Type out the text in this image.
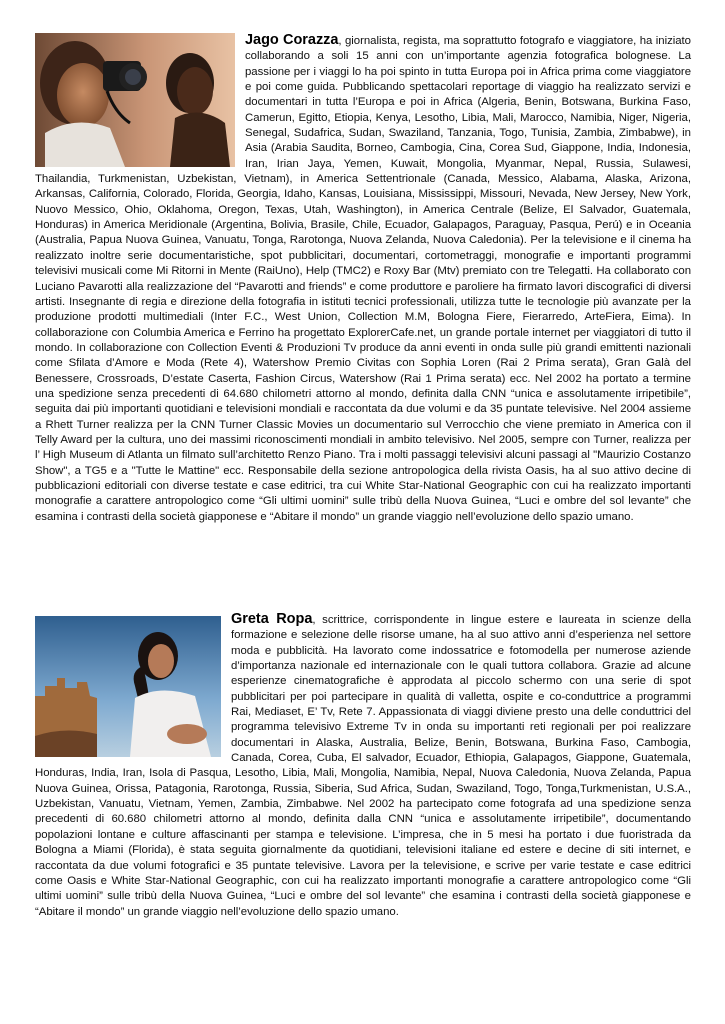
Jago Corazza, giornalista, regista, ma soprattutto fotografo e viaggiatore, ha iniziato collaborando a soli 15 anni con un’importante agenzia fotografica bolognese. La passione per i viaggi lo ha poi spinto in tutta Europa poi in Africa prima come viaggiatore e poi come guida. Pubblicando spettacolari reportage di viaggio ha realizzato servizi e documentari in tutta l’Europa e poi in Africa (Algeria, Benin, Botswana, Burkina Faso, Camerun, Egitto, Etiopia, Kenya, Lesotho, Libia, Mali, Marocco, Namibia, Niger, Nigeria, Senegal, Sudafrica, Sudan, Swaziland, Tanzania, Togo, Tunisia, Zambia, Zimbabwe), in Asia (Arabia Saudita, Borneo, Cambogia, Cina, Corea Sud, Giappone, India, Indonesia, Iran, Irian Jaya, Yemen, Kuwait, Mongolia, Myanmar, Nepal, Russia, Sulawesi, Thailandia, Turkmenistan, Uzbekistan, Vietnam), in America Settentrionale (Canada, Messico, Alabama, Alaska, Arizona, Arkansas, California, Colorado, Florida, Georgia, Idaho, Kansas, Louisiana, Mississippi, Missouri, Nevada, New Jersey, New York, Nuovo Messico, Ohio, Oklahoma, Oregon, Texas, Utah, Washington), in America Centrale (Belize, El Salvador, Guatemala, Honduras) in America Meridionale (Argentina, Bolivia, Brasile, Chile, Ecuador, Galapagos, Paraguay, Pasqua, Perú) e in Oceania (Australia, Papua Nuova Guinea, Vanuatu, Tonga, Rarotonga, Nuova Zelanda, Nuova Caledonia). Per la televisione e il cinema ha realizzato inoltre serie documentaristiche, spot pubblicitari, documentari, cortometraggi, monografie e importanti programmi televisivi musicali come Mi Ritorni in Mente (RaiUno), Help (TMC2) e Roxy Bar (Mtv) premiato con tre Telegatti. Ha collaborato con Luciano Pavarotti alla realizzazione del “Pavarotti and friends” e come produttore e paroliere ha firmato lavori discografici di diversi artisti. Insegnante di regia e direzione della fotografia in istituti tecnici professionali, utilizza tutte le tecnologie più avanzate per la produzione prodotti multimediali (Inter F.C., West Union, Collection M.M, Bologna Fiere, Fierarredo, ArteFiera, Eima). In collaborazione con Columbia America e Ferrino ha progettato ExplorerCafe.net, un grande portale internet per viaggiatori di tutto il mondo. In collaborazione con Collection Eventi & Produzioni Tv produce da anni eventi in onda sulle più grandi emittenti nazionali come Sfilata d’Amore e Moda (Rete 4), Watershow Premio Civitas con Sophia Loren (Rai 2 Prima serata), Gran Galà del Benessere, Crossroads, D’estate Caserta, Fashion Circus, Watershow (Rai 1 Prima serata) ecc. Nel 2002 ha portato a termine una spedizione senza precedenti di 64.680 chilometri attorno al mondo, definita dalla CNN “unica e assolutamente irripetibile”, seguita dai più importanti quotidiani e televisioni mondiali e raccontata da due volumi e da 35 puntate televisive. Nel 2004 assieme a Rhett Turner realizza per la CNN Turner Classic Movies un documentario sul Verrocchio che viene premiato in America con il Telly Award per la cultura, uno dei massimi riconoscimenti mondiali in ambito televisivo. Nel 2005, sempre con Turner, realizza per l’ High Museum di Atlanta un filmato sull’architetto Renzo Piano. Tra i molti passaggi televisivi alcuni passagi al "Maurizio Costanzo Show", a TG5 e a "Tutte le Mattine" ecc. Responsabile della sezione antropologica della rivista Oasis, ha al suo attivo decine di pubblicazioni editoriali con diverse testate e case editrici, tra cui White Star-National Geographic con cui ha realizzato importanti monografie a carattere antropologico come “Gli ultimi uomini” sulle tribù della Nuova Guinea, “Luci e ombre del sol levante” che esamina i contrasti della società giapponese e “Abitare il mondo” un grande viaggio nell’evoluzione dello spazio umano.
Greta Ropa, scrittrice, corrispondente in lingue estere e laureata in scienze della formazione e selezione delle risorse umane, ha al suo attivo anni d’esperienza nel settore moda e pubblicità. Ha lavorato come indossatrice e fotomodella per numerose aziende d’importanza nazionale ed internazionale con le quali tuttora collabora. Grazie ad alcune esperienze cinematografiche è approdata al piccolo schermo con una serie di spot pubblicitari per poi partecipare in qualità di valletta, ospite e co-conduttrice a programmi Rai, Mediaset, E’ Tv, Rete 7. Appassionata di viaggi diviene presto una delle conduttrici del programma televisivo Extreme Tv in onda su importanti reti regionali per poi realizzare documentari in Alaska, Australia, Belize, Benin, Botswana, Burkina Faso, Cambogia, Canada, Corea, Cuba, El salvador, Ecuador, Ethiopia, Galapagos, Giappone, Guatemala, Honduras, India, Iran, Isola di Pasqua, Lesotho, Libia, Mali, Mongolia, Namibia, Nepal, Nuova Caledonia, Nuova Zelanda, Papua Nuova Guinea, Orissa, Patagonia, Rarotonga, Russia, Siberia, Sud Africa, Sudan, Swaziland, Togo, Tonga,Turkmenistan, U.S.A., Uzbekistan, Vanuatu, Vietnam, Yemen, Zambia, Zimbabwe. Nel 2002 ha partecipato come fotografa ad una spedizione senza precedenti di 60.680 chilometri attorno al mondo, definita dalla CNN “unica e assolutamente irripetibile”, documentando popolazioni lontane e culture affascinanti per stampa e televisione. L’impresa, che in 5 mesi ha portato i due fuoristrada da Bologna a Miami (Florida), è stata seguita giornalmente da quotidiani, televisioni italiane ed estere e decine di siti internet, e raccontata da due volumi fotografici e 35 puntate televisive. Lavora per la televisione, e scrive per varie testate e case editrici come Oasis e White Star-National Geographic, con cui ha realizzato importanti monografie a carattere antropologico come “Gli ultimi uomini” sulle tribù della Nuova Guinea, “Luci e ombre del sol levante” che esamina i contrasti della società giapponese e “Abitare il mondo” un grande viaggio nell’evoluzione dello spazio umano.
